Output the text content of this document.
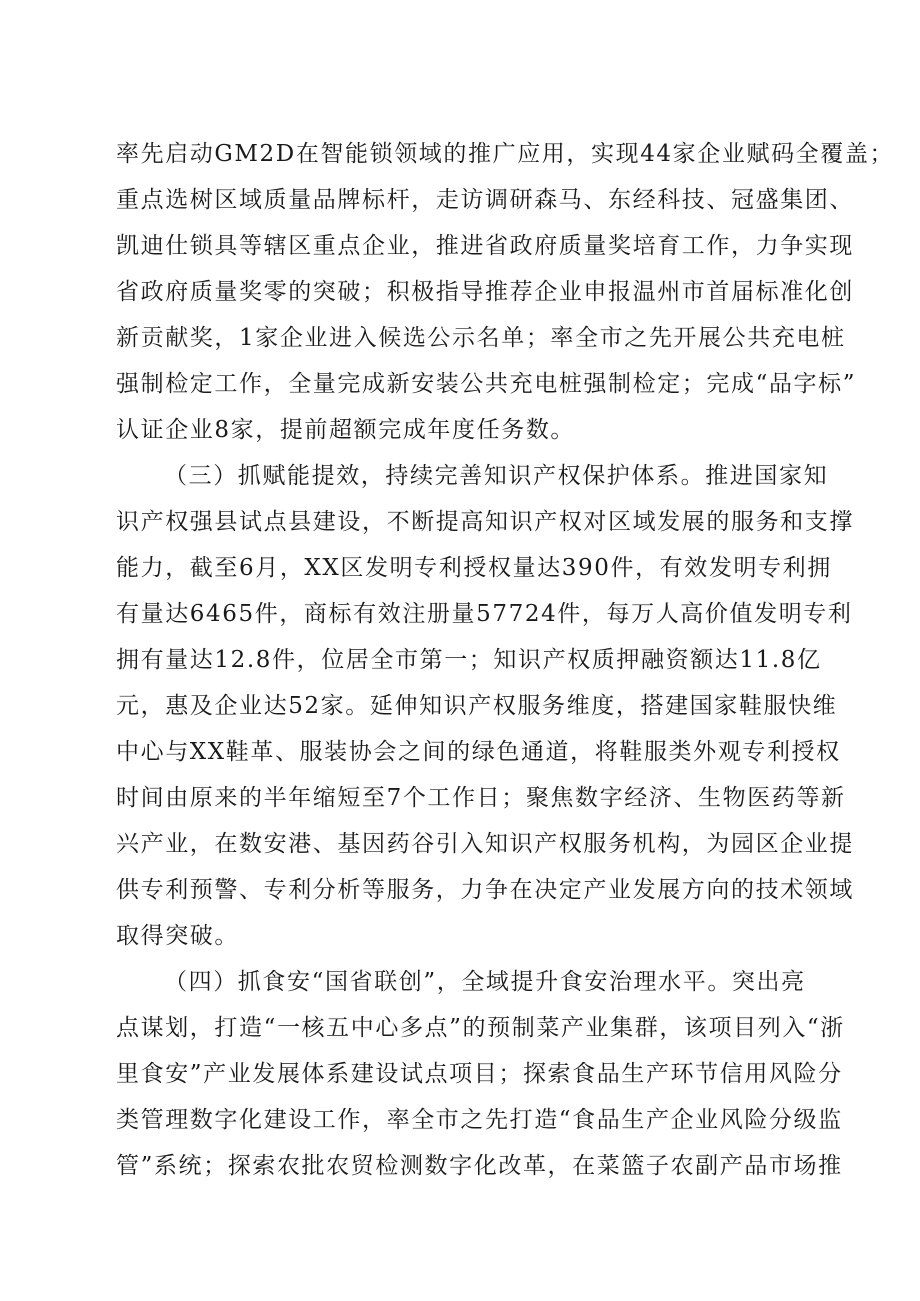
率先启动GM2D在智能锁领域的推广应用，实现44家企业赋码全覆盖；
重点选树区域质量品牌标杆，走访调研森马、东经科技、冠盛集团、
凯迪仕锁具等辖区重点企业，推进省政府质量奖培育工作，力争实现
省政府质量奖零的突破；积极指导推荐企业申报温州市首届标准化创
新贡献奖，1家企业进入候选公示名单；率全市之先开展公共充电桩
强制检定工作，全量完成新安装公共充电桩强制检定；完成“品字标”
认证企业8家，提前超额完成年度任务数。
（三）抓赋能提效，持续完善知识产权保护体系。推进国家知
识产权强县试点县建设，不断提高知识产权对区域发展的服务和支撑
能力，截至6月，XX区发明专利授权量达390件，有效发明专利拥
有量达6465件，商标有效注册量57724件，每万人高价值发明专利
拥有量达12.8件，位居全市第一；知识产权质押融资额达11.8亿
元，惠及企业达52家。延伸知识产权服务维度，搭建国家鞋服快维
中心与XX鞋革、服装协会之间的绿色通道，将鞋服类外观专利授权
时间由原来的半年缩短至7个工作日；聚焦数字经济、生物医药等新
兴产业，在数安港、基因药谷引入知识产权服务机构，为园区企业提
供专利预警、专利分析等服务，力争在决定产业发展方向的技术领域
取得突破。
（四）抓食安“国省联创”，全域提升食安治理水平。突出亮
点谋划，打造“一核五中心多点”的预制菜产业集群，该项目列入“浙
里食安”产业发展体系建设试点项目；探索食品生产环节信用风险分
类管理数字化建设工作，率全市之先打造“食品生产企业风险分级监
管”系统；探索农批农贸检测数字化改革，在菜篮子农副产品市场推
